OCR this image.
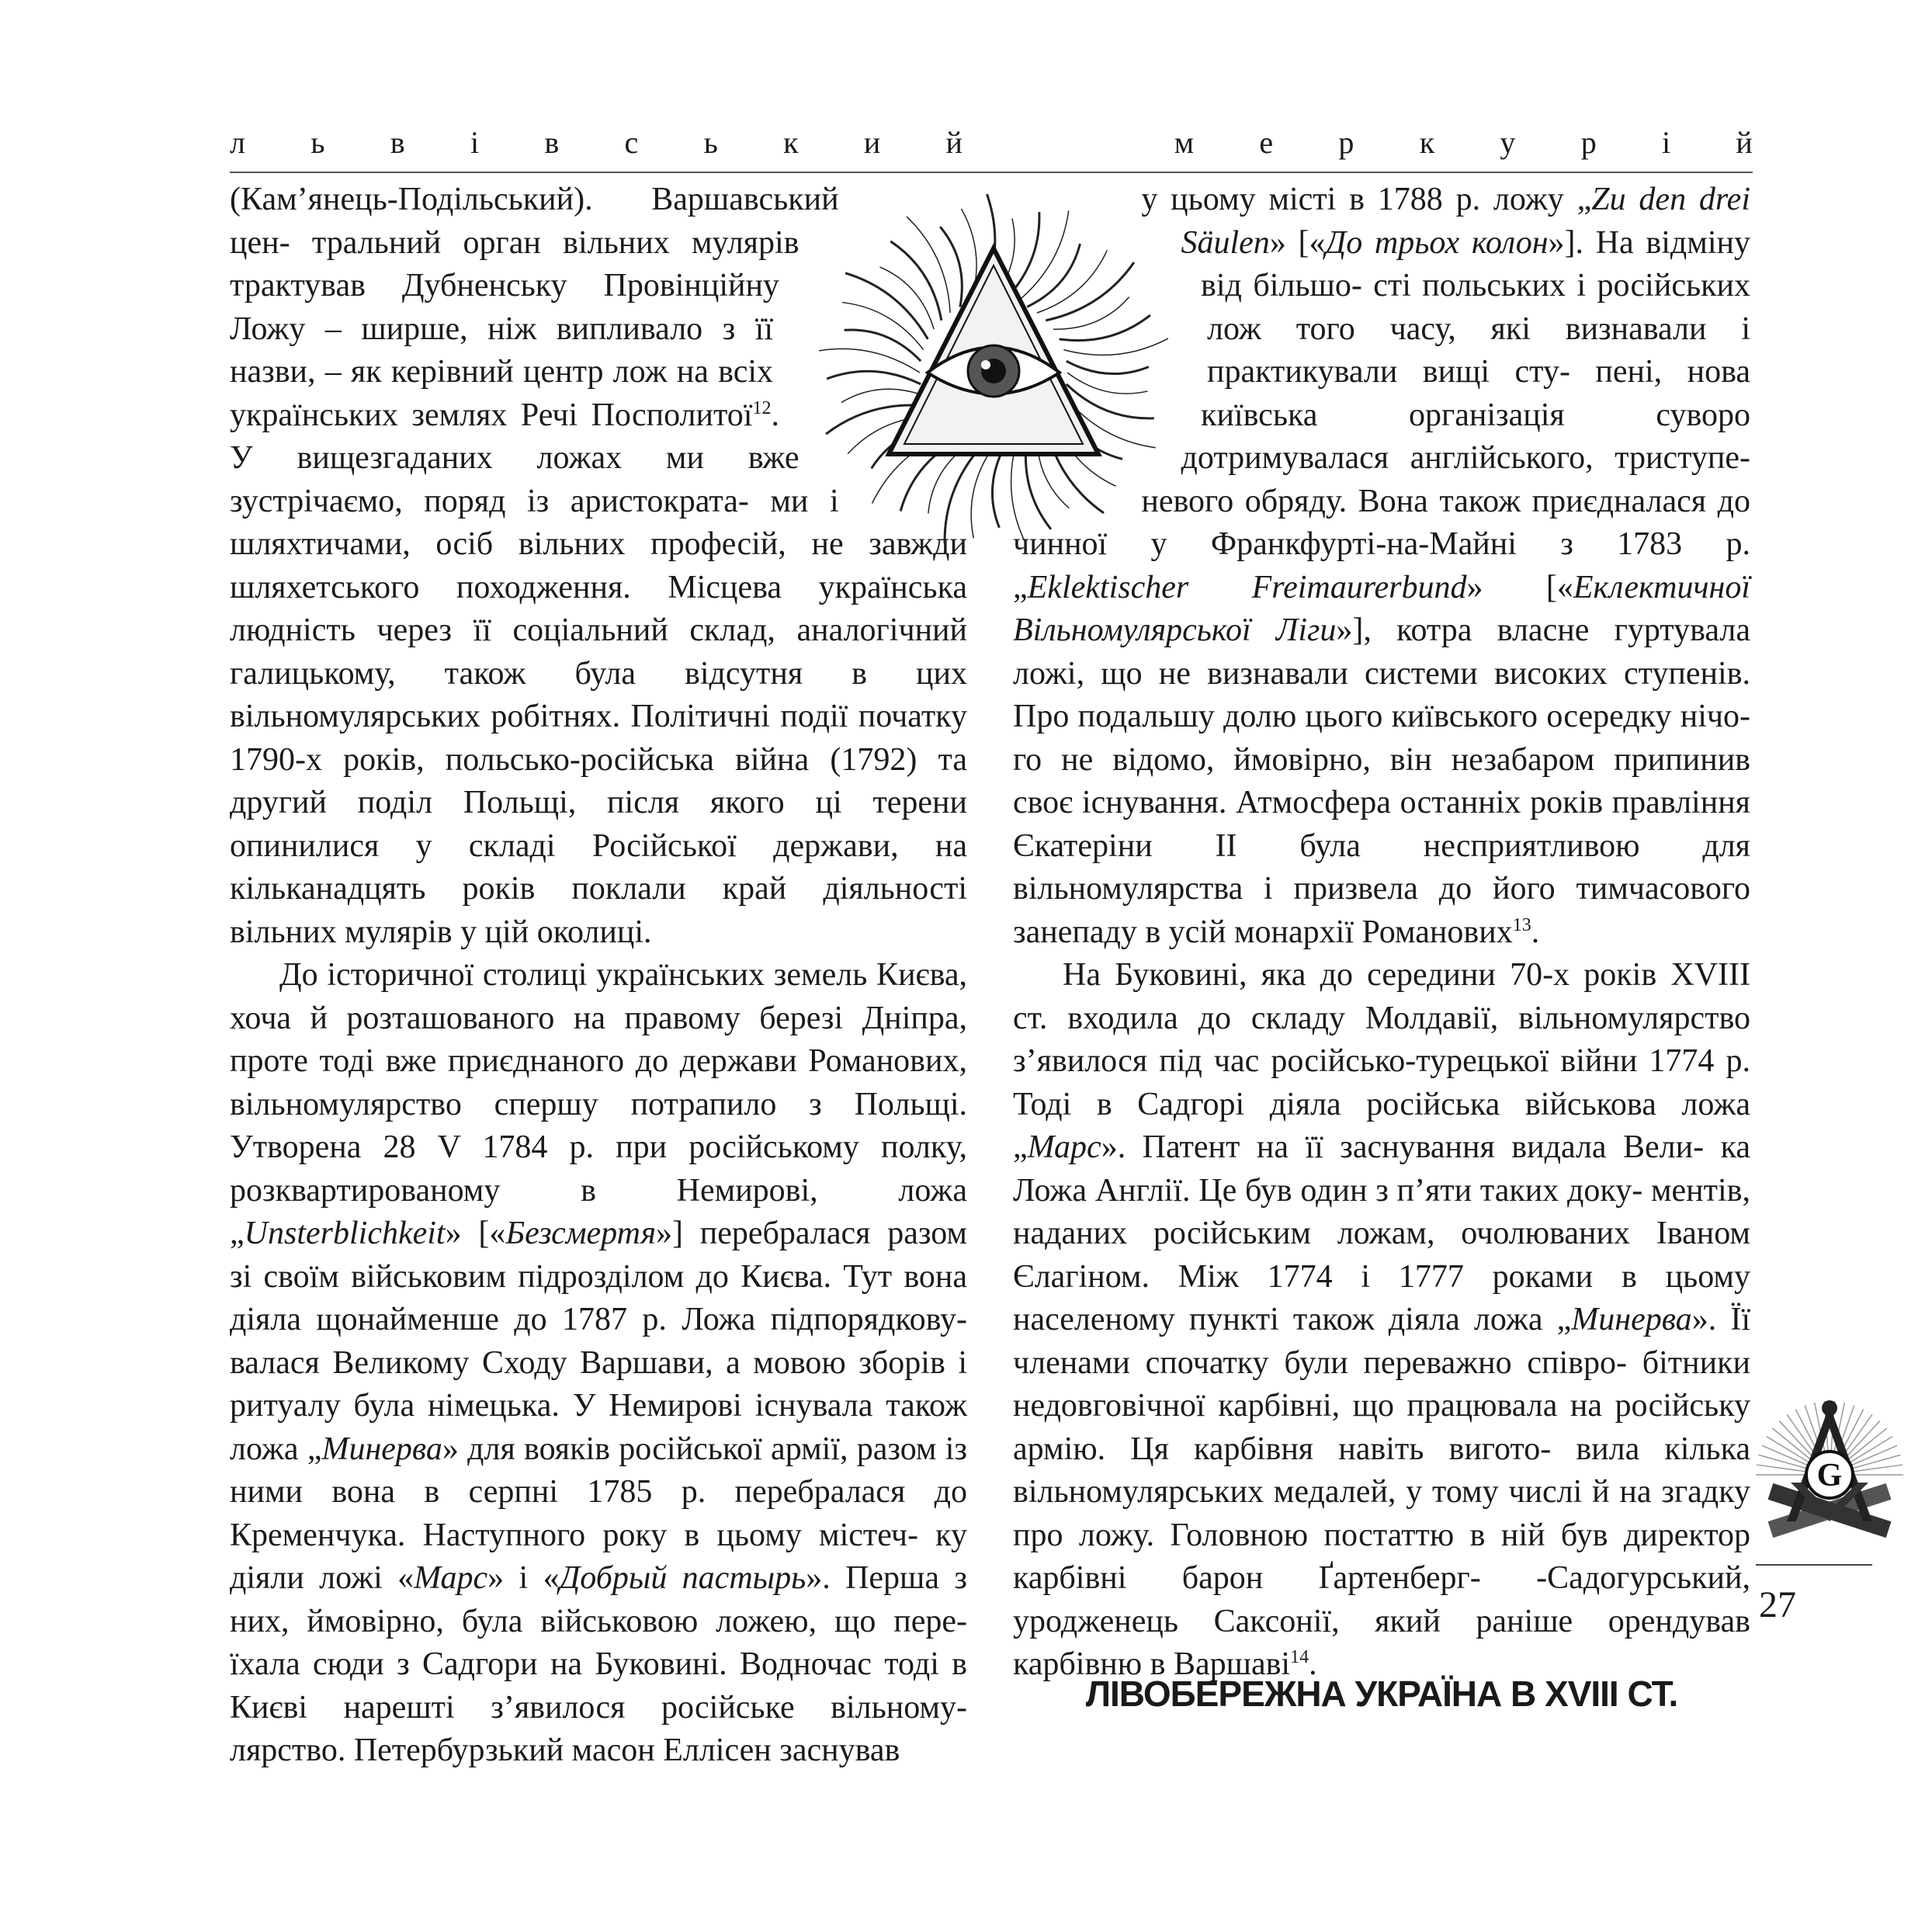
л ь в і в с ь к и й

	м е р к у р і й

(Кам’янець-Подільський). Варшавський цен- тральний орган вільних мулярів трактував Дубненську Провінційну Ложу – ширше, ніж випливало з її назви, – як керівний центр лож на всіх українських землях Речі Посполитої$^{12}$. У вищезгаданих ложах ми вже зустрічаємо, поряд із аристократа- ми і шляхтичами, осіб вільних професій, не завжди шляхетського походження. Місцева українська людність через її соціальний склад, аналогічний галицькому, також була відсутня в цих вільномулярських робітнях. Політичні події початку 1790-х років, польсько-російська війна (1792) та другий поділ Польщі, після якого ці терени опинилися у складі Російської держави, на кільканадцять років поклали край діяльності вільних мулярів у цій околиці.

До історичної столиці українських земель Києва, хоча й розташованого на правому березі Дніпра, проте тоді вже приєднаного до держави Романових, вільномулярство спершу потрапило з Польщі. Утворена 28 V 1784 р. при російському полку, розквартированому в Немирові, ложа „Unsterblichkeit» [«Безсмертя»] перебралася разом зі своїм військовим підрозділом до Києва. Тут вона діяла щонайменше до 1787 р. Ложа підпорядкову- валася Великому Сходу Варшави, а мовою зборів і ритуалу була німецька. У Немирові існувала також ложа „Минерва» для вояків російської армії, разом із ними вона в серпні 1785 р. перебралася до Кременчука. Наступного року в цьому містеч- ку діяли ложі «Марс» і «Добрый пастырь». Перша з них, ймовірно, була військовою ложею, що пере- їхала сюди з Садгори на Буковині. Водночас тоді в Києві нарешті з’явилося російське вільному- лярство. Петербурзький масон Еллісен заснував

у цьому місті в 1788 р. ложу „Zu den drei Säulen» [«До трьох колон»]. На відміну від більшо- сті польських і російських лож того часу, які визнавали і практикували вищі сту- пені, нова київська організація суворо дотримувалася англійського, триступе- невого обряду. Вона також приєдналася до чинної у Франкфурті-на-Майні з 1783 р. „Eklektischer Freimaurerbund» [«Еклектичної Вільномулярської Ліги»], котра власне гуртувала ложі, що не визнавали системи високих ступенів. Про подальшу долю цього київського осередку нічо- го не відомо, ймовірно, він незабаром припинив своє існування. Атмосфера останніх років правління Єкатеріни ІІ була несприятливою для вільномулярства і призвела до його тимчасового занепаду в усій монархії Романових$^{13}$.

На Буковині, яка до середини 70-х років XVIII ст. входила до складу Молдавії, вільномулярство з’явилося під час російсько-турецької війни 1774 р. Тоді в Садгорі діяла російська військова ложа „Марс». Патент на її заснування видала Вели- ка Ложа Англії. Це був один з п’яти таких доку- ментів, наданих російським ложам, очолюваних Іваном Єлагіном. Між 1774 і 1777 роками в цьому населеному пункті також діяла ложа „Минерва». Її членами спочатку були переважно співро- бітники недовговічної карбівні, що працювала на російську армію. Ця карбівня навіть вигото- вила кілька вільномулярських медалей, у тому числі й на згадку про ложу. Головною постаттю в ній був директор карбівні барон Ґартенберг- -Садогурський, уродженець Саксонії, який раніше орендував карбівню в Варшаві$^{14}$.

G
27
ЛІВОБЕРЕЖНА УКРАЇНА В XVIII СТ.
